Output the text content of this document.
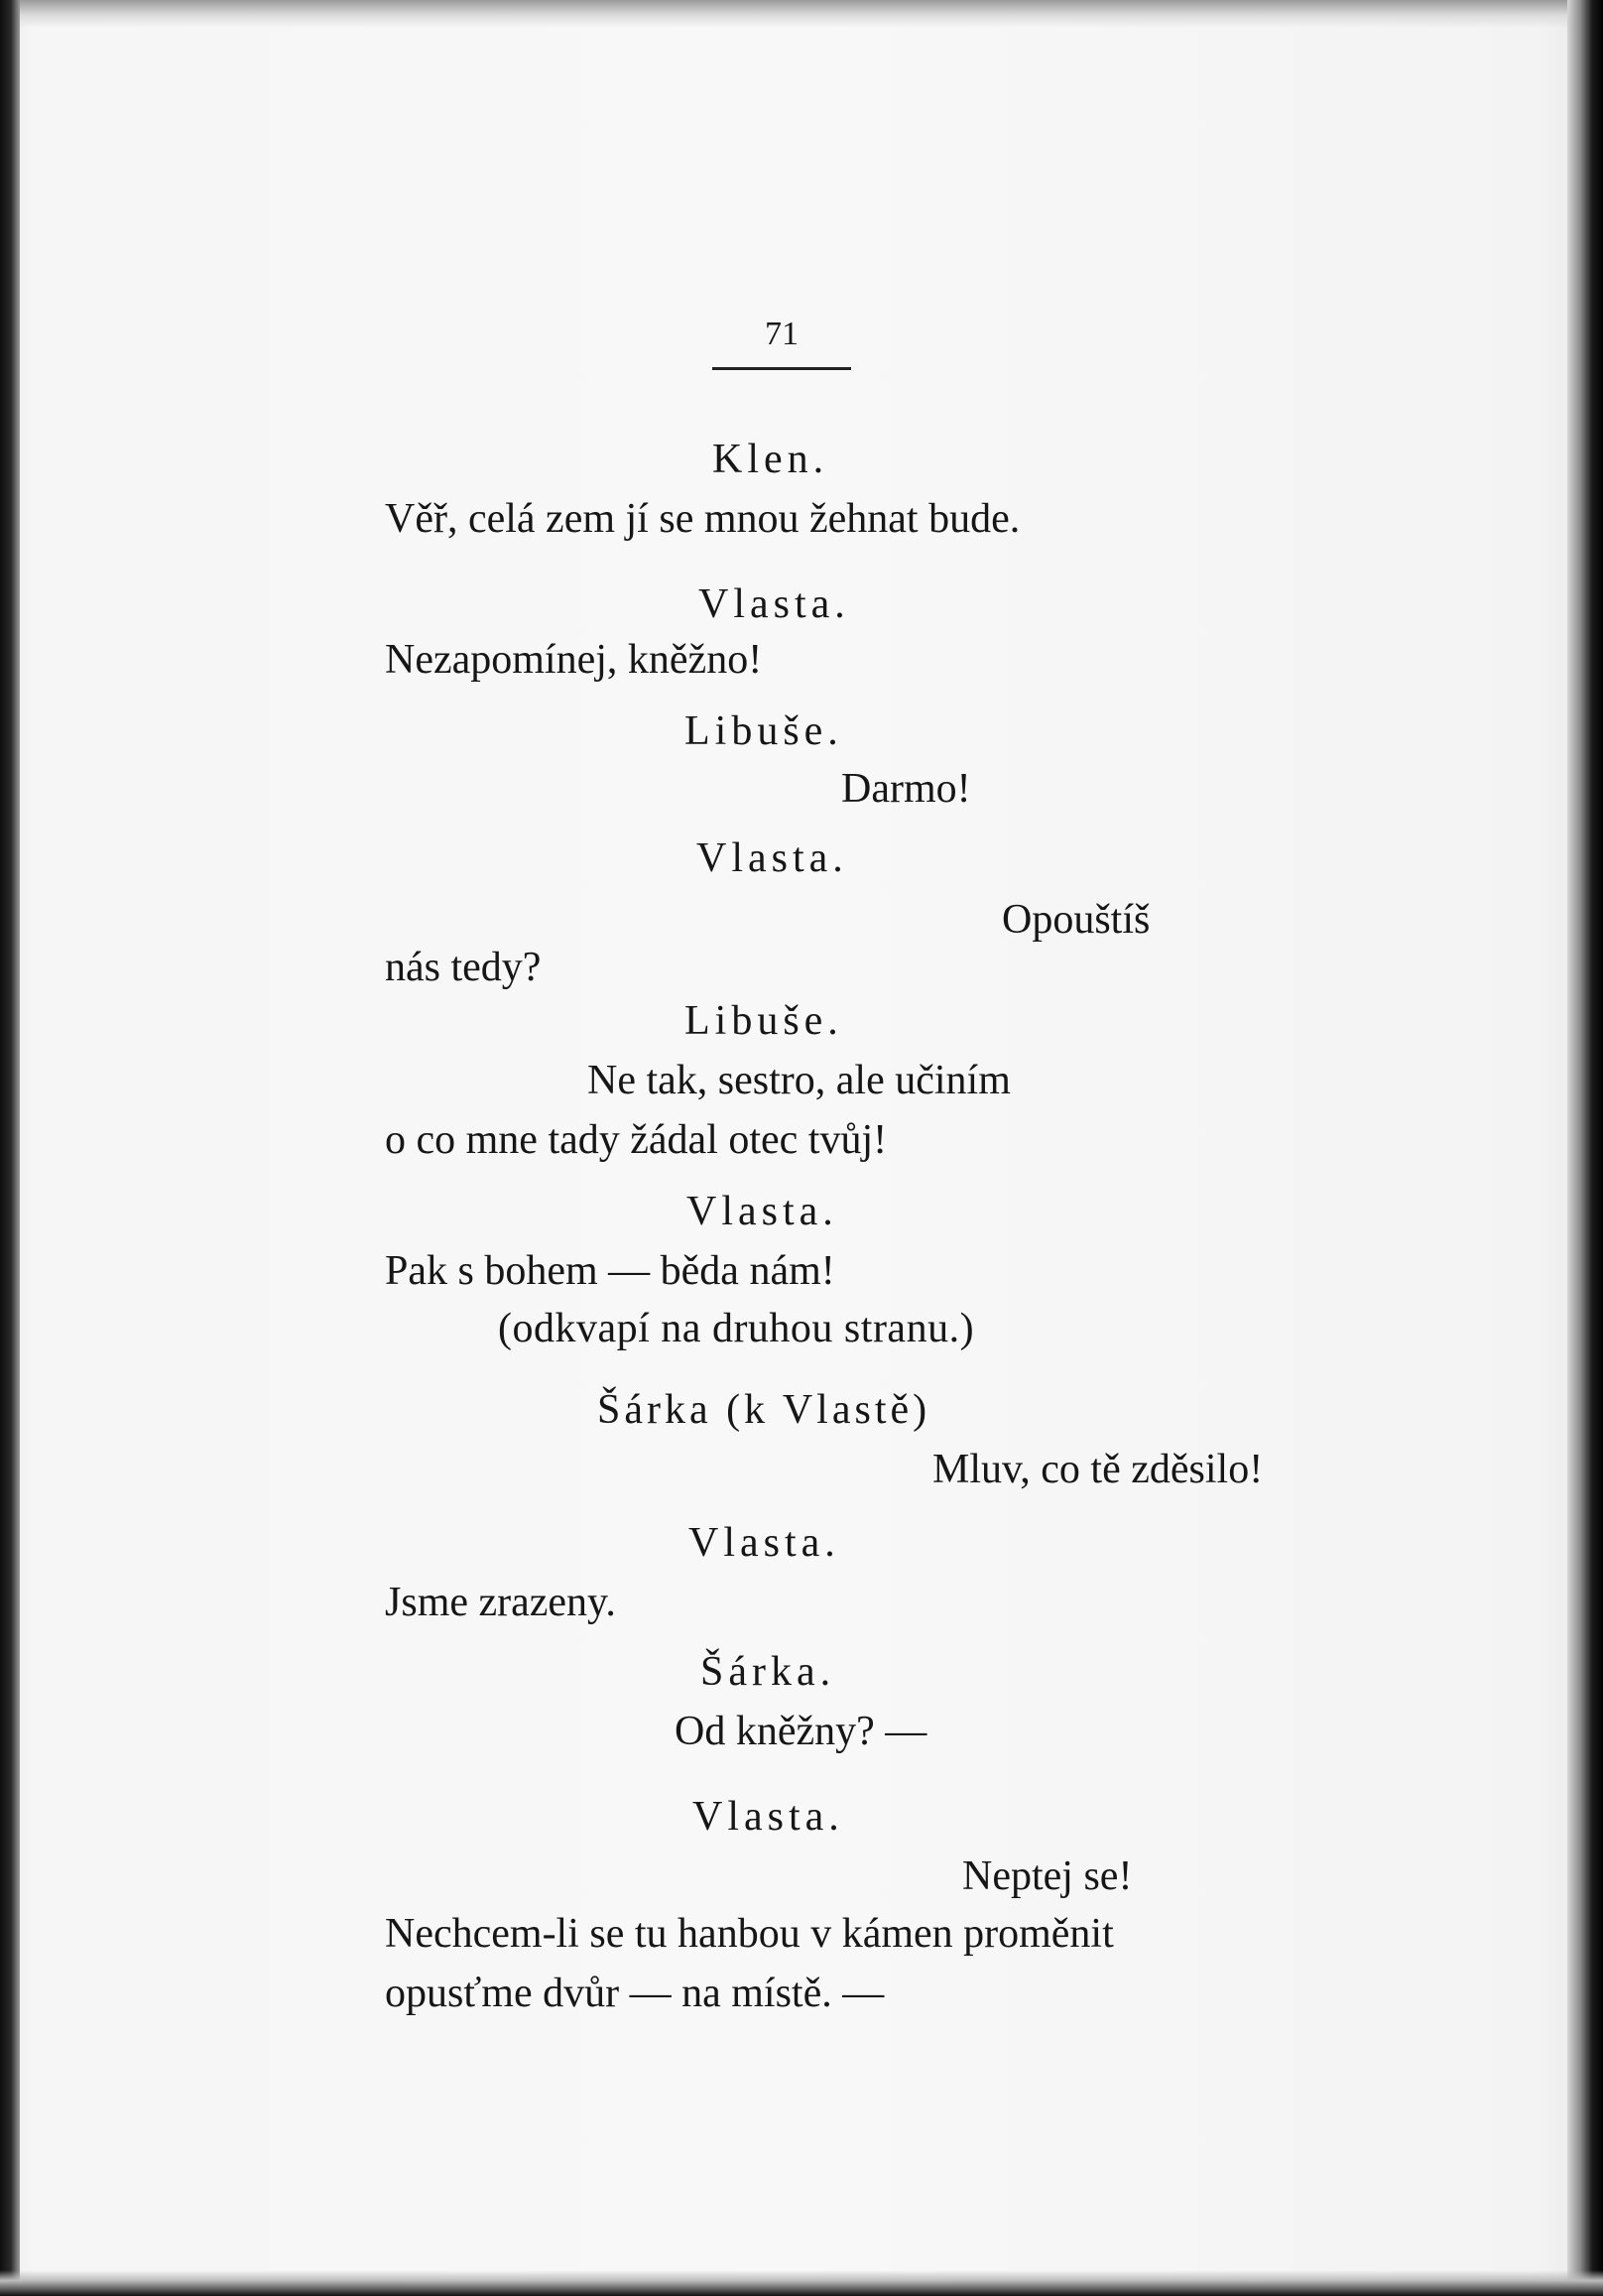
71
Klen.
Věř, celá zem jí se mnou žehnat bude.
Vlasta.
Nezapomínej, kněžno!
Libuše.
Darmo!
Vlasta.
Opouštíš
nás tedy?
Libuše.
Ne tak, sestro, ale učiním
o co mne tady žádal otec tvůj!
Vlasta.
Pak s bohem — běda nám!
(odkvapí na druhou stranu.)
Šárka (k Vlastě)
Mluv, co tě zděsilo!
Vlasta.
Jsme zrazeny.
Šárka.
Od kněžny? —
Vlasta.
Neptej se!
Nechcem-li se tu hanbou v kámen proměnit
opusťme dvůr — na místě. —
